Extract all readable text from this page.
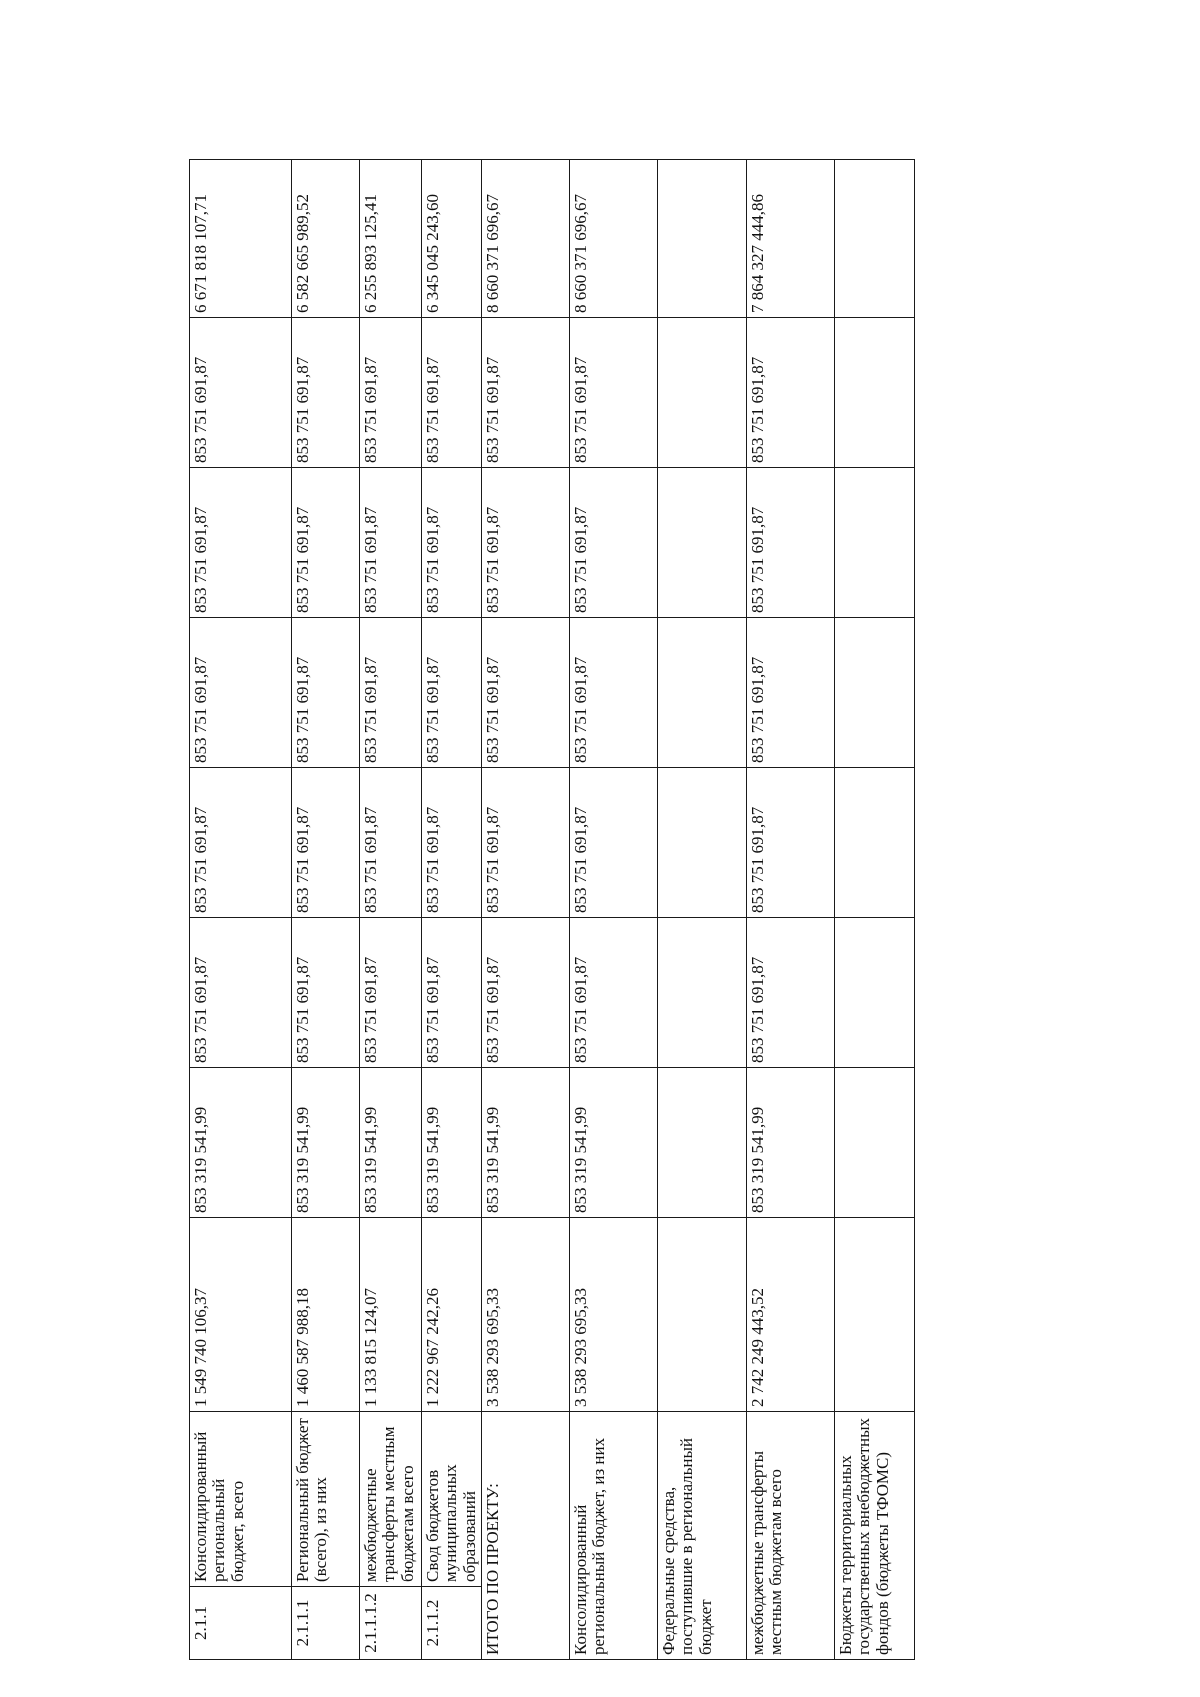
2.1.1	Консолидированный региональный бюджет, всего	1 549 740 106,37	853 319 541,99	853 751 691,87	853 751 691,87	853 751 691,87	853 751 691,87	853 751 691,87	6 671 818 107,71
2.1.1.1	Региональный бюджет (всего), из них	1 460 587 988,18	853 319 541,99	853 751 691,87	853 751 691,87	853 751 691,87	853 751 691,87	853 751 691,87	6 582 665 989,52
2.1.1.1.2	межбюджетные трансферты местным бюджетам всего	1 133 815 124,07	853 319 541,99	853 751 691,87	853 751 691,87	853 751 691,87	853 751 691,87	853 751 691,87	6 255 893 125,41
2.1.1.2	Свод бюджетов муниципальных образований	1 222 967 242,26	853 319 541,99	853 751 691,87	853 751 691,87	853 751 691,87	853 751 691,87	853 751 691,87	6 345 045 243,60
ИТОГО ПО ПРОЕКТУ:		3 538 293 695,33	853 319 541,99	853 751 691,87	853 751 691,87	853 751 691,87	853 751 691,87	853 751 691,87	8 660 371 696,67
Консолидированный региональный бюджет, из них		3 538 293 695,33	853 319 541,99	853 751 691,87	853 751 691,87	853 751 691,87	853 751 691,87	853 751 691,87	8 660 371 696,67
Федеральные средства, поступившие в региональный бюджет									
межбюджетные трансферты местным бюджетам всего		2 742 249 443,52	853 319 541,99	853 751 691,87	853 751 691,87	853 751 691,87	853 751 691,87	853 751 691,87	7 864 327 444,86
Бюджеты территориальных государственных внебюджетных фондов (бюджеты ТФОМС)									
